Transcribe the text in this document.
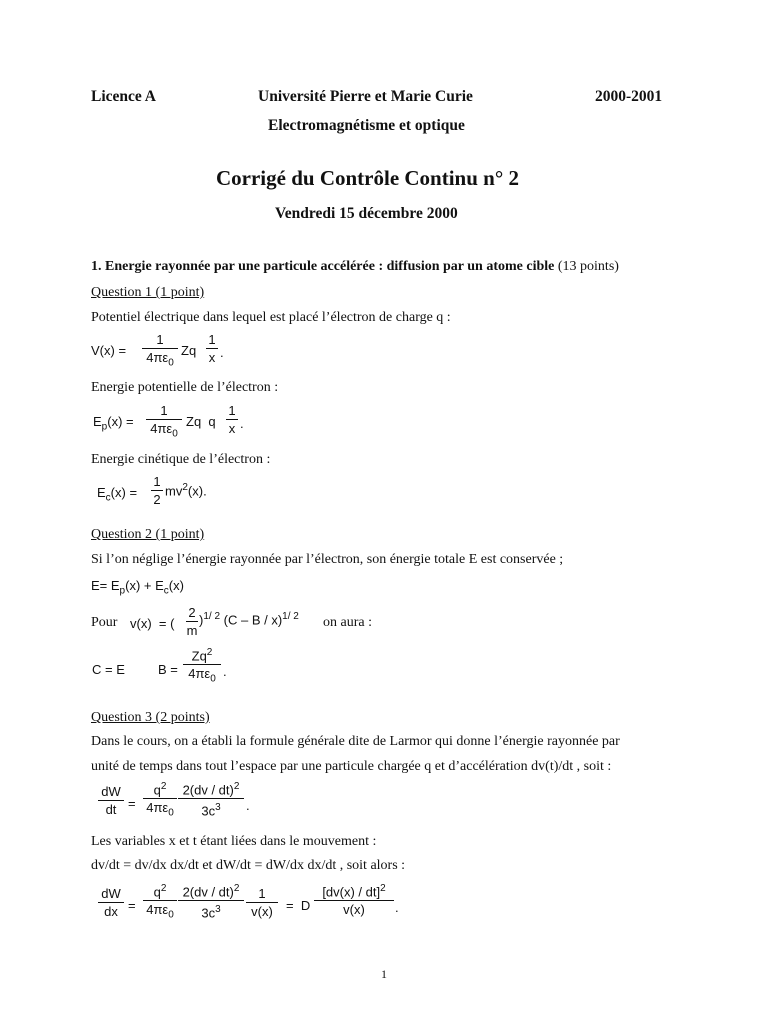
Licence A	Université Pierre et Marie Curie	2000-2001
Electromagnétisme et optique
Corrigé du Contrôle Continu n° 2
Vendredi 15 décembre 2000
1. Energie rayonnée par une particule accélérée : diffusion par un atome cible (13 points)
Question 1 (1 point)
Potentiel électrique dans lequel est placé l’électron de charge q :
V(x) =
1
$4\pi\varepsilon_0$
Zq
1
x .
Energie potentielle de l’électron :
$E_p(x)$ =
1
$4\pi\varepsilon_0$
Zq  q
1
x .
Energie cinétique de l’électron :
$E_c(x)$ =
1
2
$mv^2(x)$.
Question 2 (1 point)
Si l’on néglige l’énergie rayonnée par l’électron, son énergie totale E est conservée ;
$E= E_p(x) + E_c(x)$
Pour v(x)  = (
2
m
)$^{1/ 2}$ (C – B / x)$^{1/ 2}$ on aura :
C = E	B =
$Zq^2$
$4\pi\varepsilon_0$
.
Question 3 (2 points)
Dans le cours, on a établi la formule générale dite de Larmor qui donne l’énergie rayonnée par
unité de temps dans tout l’espace par une particule chargée q et d’accélération dv(t)/dt , soit :
dW
dt =
$q^2$
$4\pi\varepsilon_0$
2(dv / dt)$^2$
$3c^3$	.
Les variables x et t étant liées dans le mouvement :
dv/dt = dv/dx dx/dt et dW/dt = dW/dx dx/dt , soit alors :
dW
dx =
$q^2$
$4\pi\varepsilon_0$
2(dv / dt)$^2$
$3c^3$
1
v(x)	=  D
[dv(x) / dt]$^2$
v(x)	.
1
